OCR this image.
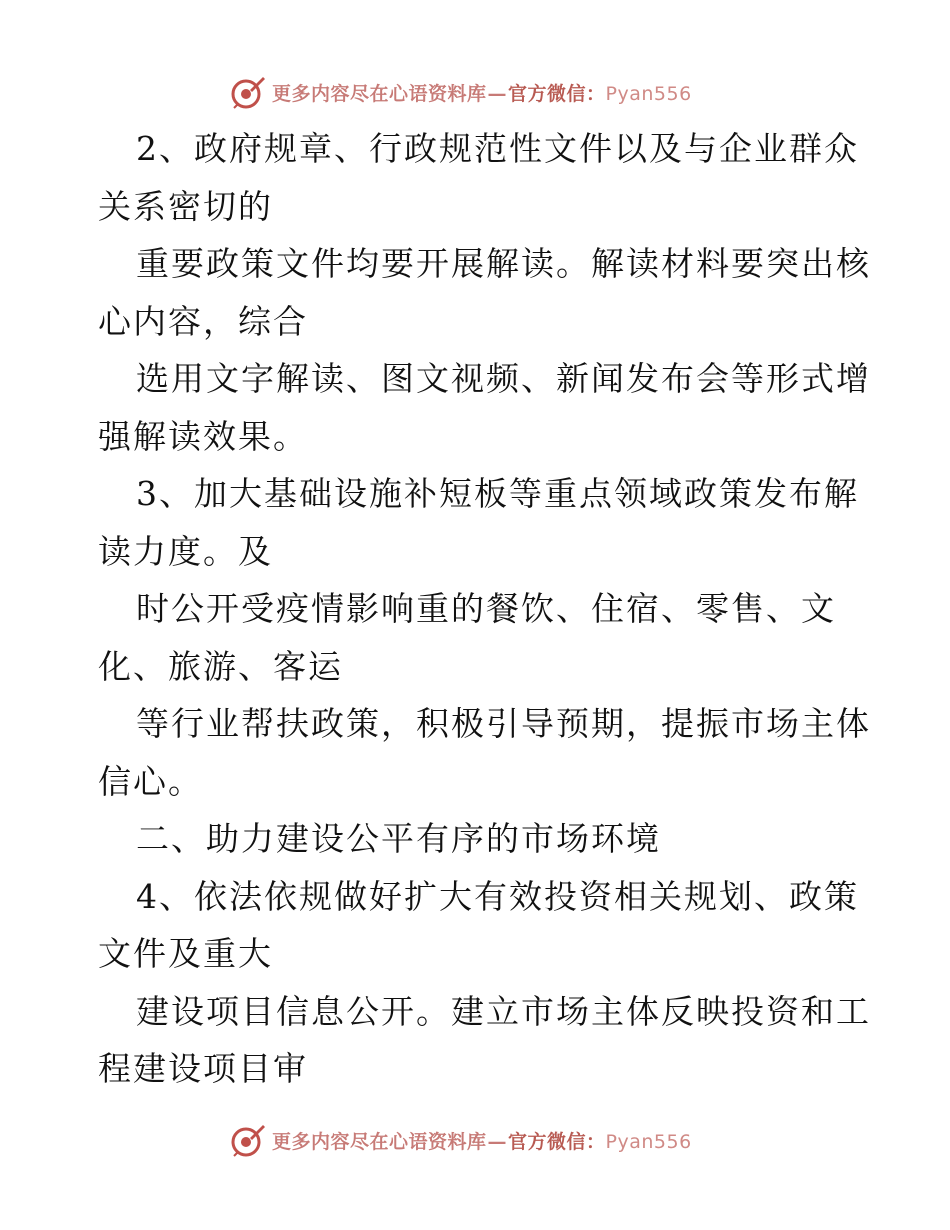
更多内容尽在心语资料库—官方微信：Pyan556
2、政府规章、行政规范性文件以及与企业群众
关系密切的
重要政策文件均要开展解读。解读材料要突出核
心内容，综合
选用文字解读、图文视频、新闻发布会等形式增
强解读效果。
3、加大基础设施补短板等重点领域政策发布解
读力度。及
时公开受疫情影响重的餐饮、住宿、零售、文
化、旅游、客运
等行业帮扶政策，积极引导预期，提振市场主体
信心。
二、助力建设公平有序的市场环境
4、依法依规做好扩大有效投资相关规划、政策
文件及重大
建设项目信息公开。建立市场主体反映投资和工
程建设项目审
更多内容尽在心语资料库—官方微信：Pyan556
